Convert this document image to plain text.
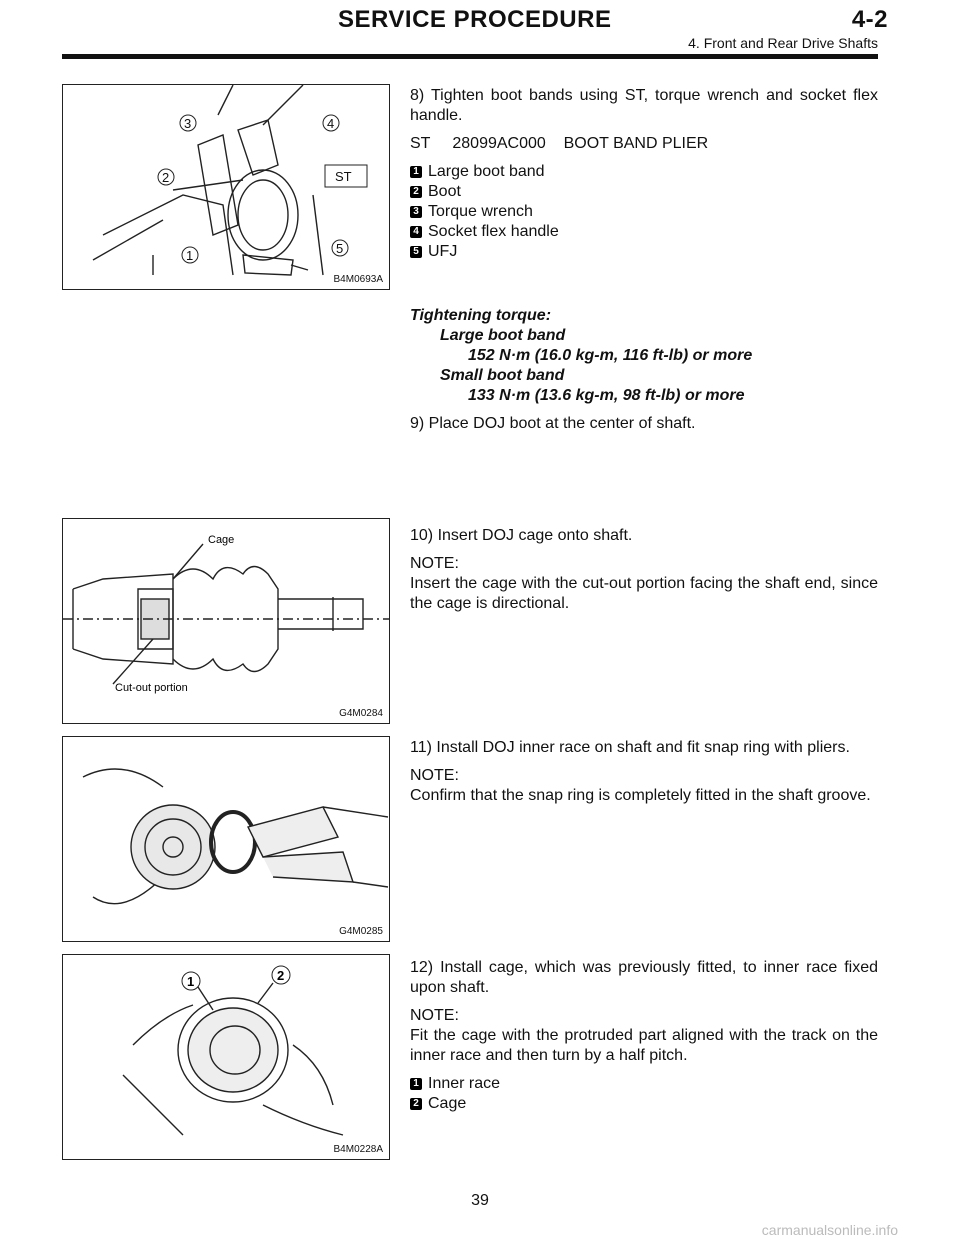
SERVICE PROCEDURE	4-2
4. Front and Rear Drive Shafts
3	4
2
1	5
ST
B4M0693A
Cage
Cut-out portion
G4M0284
G4M0285
1	2
B4M0228A

8) Tighten boot bands using ST, torque wrench and socket flex handle.

ST     28099AC000    BOOT BAND PLIER

1 Large boot band
2 Boot
3 Torque wrench
4 Socket flex handle
5 UFJ
Tightening torque:
Large boot band
152 N·m (16.0 kg-m, 116 ft-lb) or more
Small boot band
133 N·m (13.6 kg-m, 98 ft-lb) or more

9) Place DOJ boot at the center of shaft.

10) Insert DOJ cage onto shaft.

NOTE:

Insert the cage with the cut-out portion facing the shaft end, since the cage is directional.

11) Install DOJ inner race on shaft and fit snap ring with pliers.

NOTE:

Confirm that the snap ring is completely fitted in the shaft groove.

12) Install cage, which was previously fitted, to inner race fixed upon shaft.

NOTE:

Fit the cage with the protruded part aligned with the track on the inner race and then turn by a half pitch.

1 Inner race
2 Cage
39
carmanualsonline.info
